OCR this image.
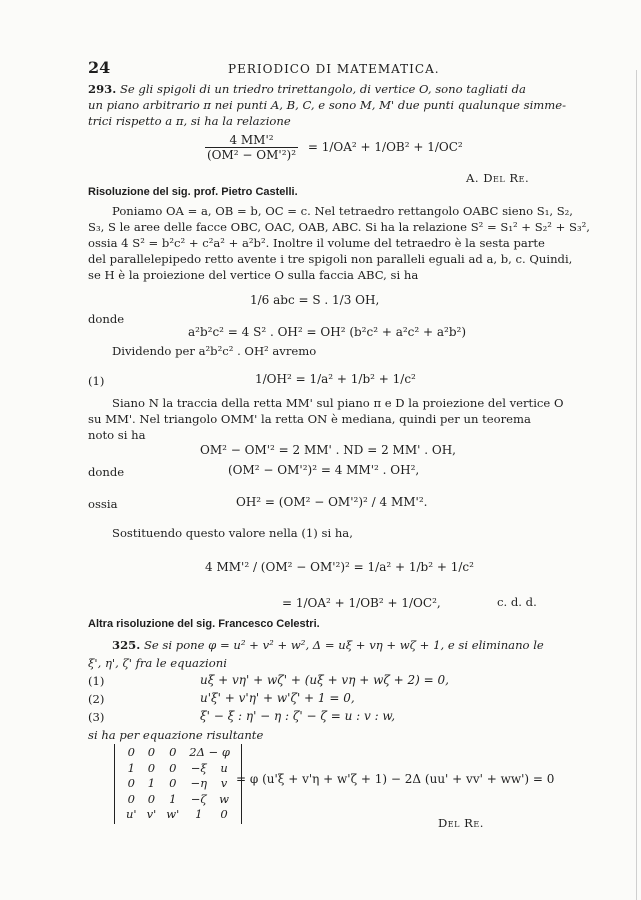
24	PERIODICO DI MATEMATICA.
293. Se gli spigoli di un triedro trirettangolo, di vertice O, sono tagliati da
un piano arbitrario π nei punti A, B, C, e sono M, M' due punti qualunque simme-
trici rispetto a π, si ha la relazione
$\frac{\text{4 MM'²}}{\text{(OM² − OM'²)²}} = 1/OA^2 + 1/OB^2 + 1/OC^2$
A. Del Re.
Risoluzione del sig. prof. Pietro Castelli.
Poniamo OA = a, OB = b, OC = c. Nel tetraedro rettangolo OABC sieno S₁, S₂,
S₃, S le aree delle facce OBC, OAC, OAB, ABC. Si ha la relazione S² = S₁² + S₂² + S₃²,
ossia 4 S² = b²c² + c²a² + a²b². Inoltre il volume del tetraedro è la sesta parte
del parallelepipedo retto avente i tre spigoli non paralleli eguali ad a, b, c. Quindi,
se H è la proiezione del vertice O sulla faccia ABC, si ha
1/6 abc = S . 1/3 OH,
donde
a²b²c² = 4 S² . OH² = OH² (b²c² + a²c² + a²b²)
Dividendo per a²b²c² . OH² avremo
(1)	1/OH² = 1/a² + 1/b² + 1/c²
Siano N la traccia della retta MM' sul piano π e D la proiezione del vertice O
su MM'. Nel triangolo OMM' la retta ON è mediana, quindi per un teorema
noto si ha
OM² − OM'² = 2 MM' . ND = 2 MM' . OH,
donde	(OM² − OM'²)² = 4 MM'² . OH²,
ossia	OH² = (OM² − OM'²)² / 4 MM'².
Sostituendo questo valore nella (1) si ha,
4 MM'² / (OM² − OM'²)² = 1/a² + 1/b² + 1/c²
= 1/OA² + 1/OB² + 1/OC²,	c. d. d.
Altra risoluzione del sig. Francesco Celestri.
325. Se si pone φ = u² + v² + w², Δ = uξ + vη + wζ + 1, e si eliminano le
ξ', η', ζ' fra le equazioni
(1)	uξ + vη' + wζ' + (uξ + vη + wζ + 2) = 0,
(2)	u'ξ' + v'η' + w'ζ' + 1 = 0,
(3)	ξ' − ξ : η' − η : ζ' − ζ = u : v : w,
si ha per equazione risultante
0	0	0	2Δ − φ	
1	0	0	−ξ	u
0	1	0	−η	v
0	0	1	−ζ	w
u'	v'	w'	1	0
= φ (u'ξ + v'η + w'ζ + 1) − 2Δ (uu' + vv' + ww') = 0
Del Re.
